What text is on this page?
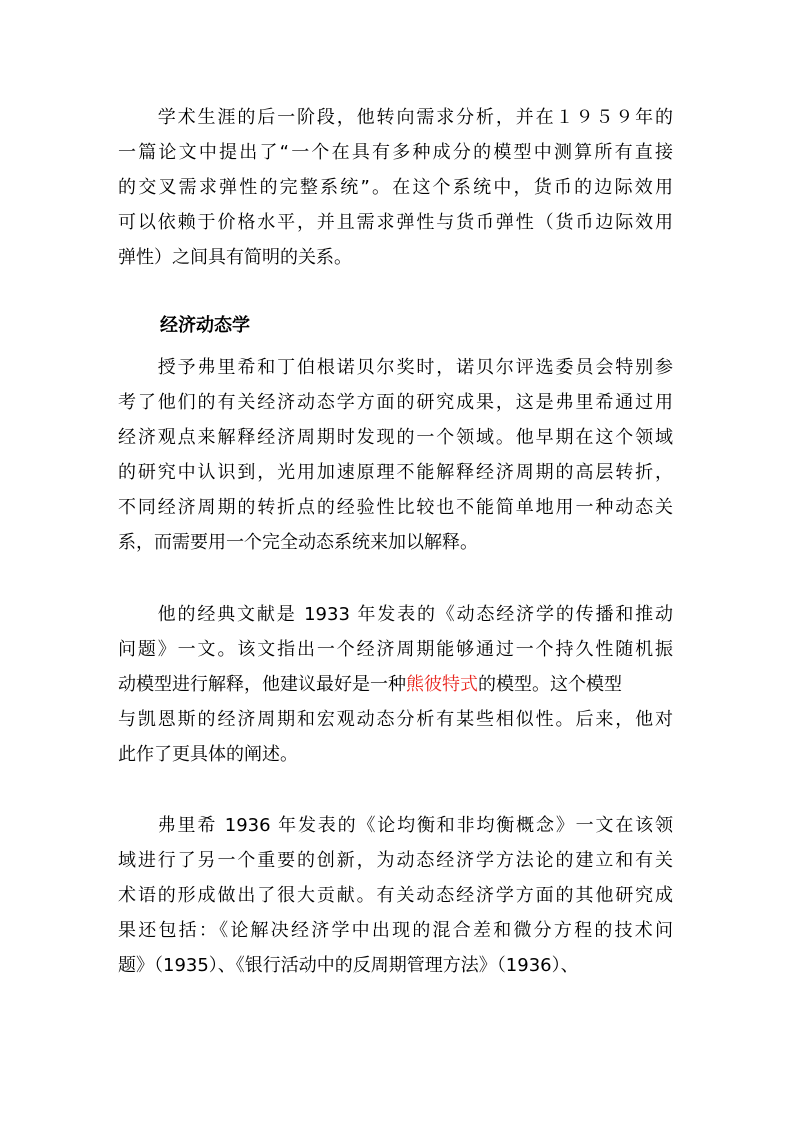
　　学术生涯的后一阶段，他转向需求分析，并在１９５９年的
一篇论文中提出了“一个在具有多种成分的模型中测算所有直接
的交叉需求弹性的完整系统”。在这个系统中，货币的边际效用
可以依赖于价格水平，并且需求弹性与货币弹性（货币边际效用
弹性）之间具有简明的关系。
经济动态学
　　授予弗里希和丁伯根诺贝尔奖时，诺贝尔评选委员会特别参
考了他们的有关经济动态学方面的研究成果，这是弗里希通过用
经济观点来解释经济周期时发现的一个领域。他早期在这个领域
的研究中认识到，光用加速原理不能解释经济周期的高层转折，
不同经济周期的转折点的经验性比较也不能简单地用一种动态关
系，而需要用一个完全动态系统来加以解释。
　　他的经典文献是 1933 年发表的《动态经济学的传播和推动
问题》一文。该文指出一个经济周期能够通过一个持久性随机振
动模型进行解释，他建议最好是一种熊彼特式的模型。这个模型
与凯恩斯的经济周期和宏观动态分析有某些相似性。后来，他对
此作了更具体的阐述。
　　弗里希 1936 年发表的《论均衡和非均衡概念》一文在该领
域进行了另一个重要的创新，为动态经济学方法论的建立和有关
术语的形成做出了很大贡献。有关动态经济学方面的其他研究成
果还包括：《论解决经济学中出现的混合差和微分方程的技术问
题》（1935）、《银行活动中的反周期管理方法》（1936）、
